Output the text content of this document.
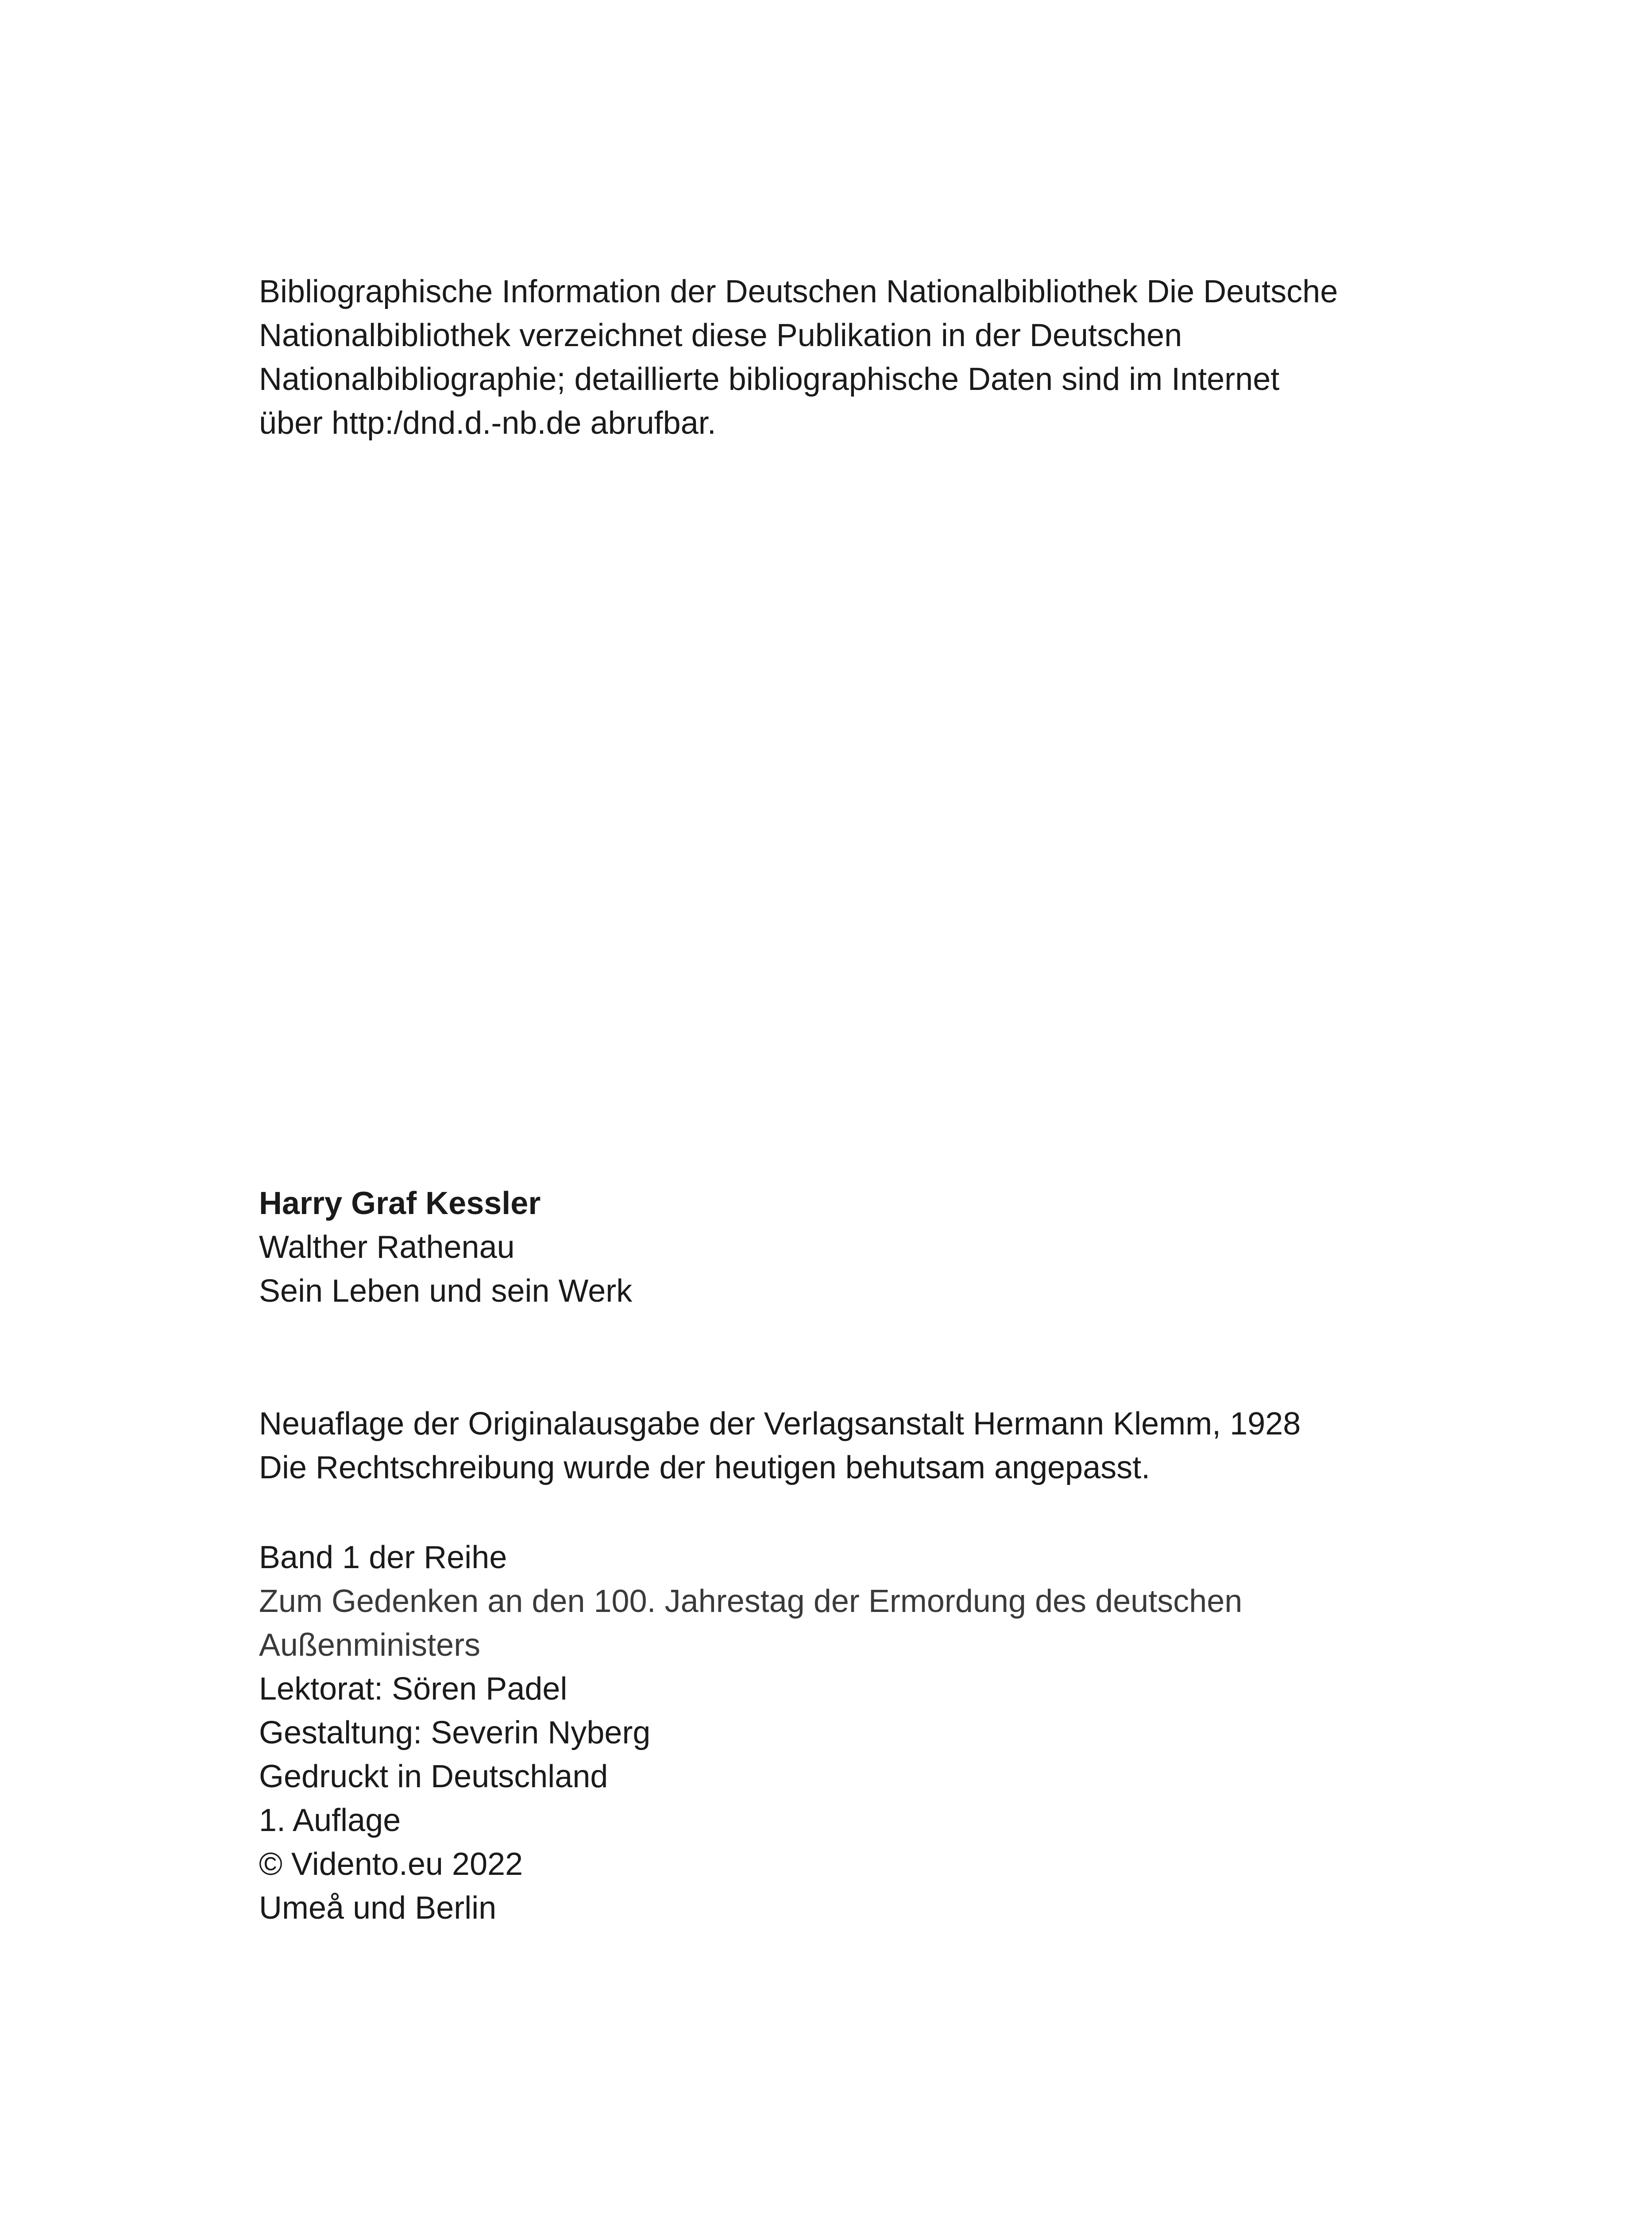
Bibliographische Information der Deutschen Nationalbibliothek Die Deutsche
Nationalbibliothek verzeichnet diese Publikation in der Deutschen
Nationalbibliographie; detaillierte bibliographische Daten sind im Internet
über http:/dnd.d.-nb.de abrufbar.
Harry Graf Kessler
Walther Rathenau
Sein Leben und sein Werk
Neuaflage der Originalausgabe der Verlagsanstalt Hermann Klemm, 1928
Die Rechtschreibung wurde der heutigen behutsam angepasst.
Band 1 der Reihe
Zum Gedenken an den 100. Jahrestag der Ermordung des deutschen
Außenministers
Lektorat: Sören Padel
Gestaltung: Severin Nyberg
Gedruckt in Deutschland
1. Auflage
© Vidento.eu 2022
Umeå und Berlin
